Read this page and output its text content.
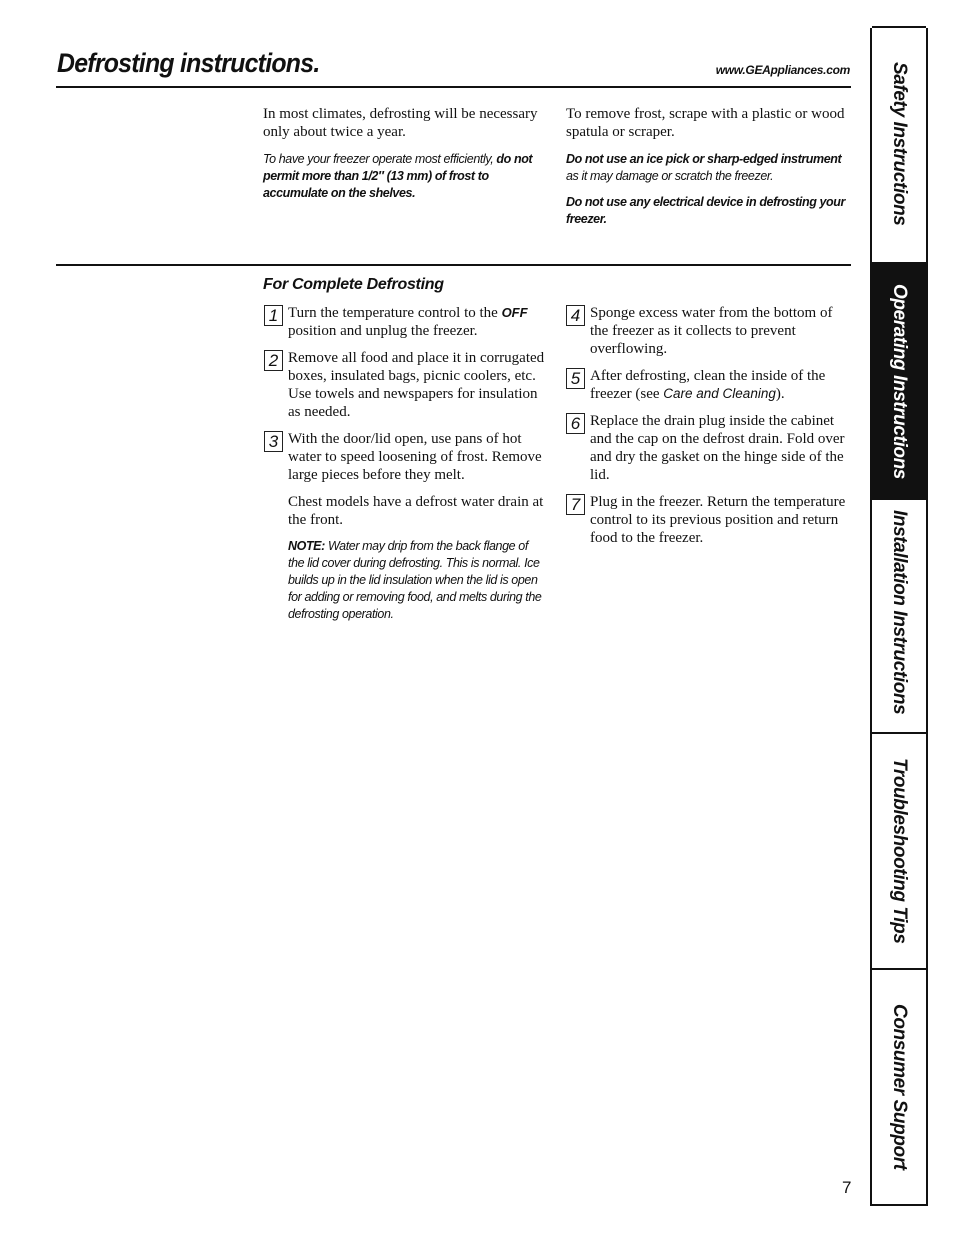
Defrosting instructions.	www.GEAppliances.com

In most climates, defrosting will be necessary only about twice a year.

To have your freezer operate most efficiently, do not permit more than 1/2″ (13 mm) of frost to accumulate on the shelves.

To remove frost, scrape with a plastic or wood spatula or scraper.

Do not use an ice pick or sharp-edged instrument as it may damage or scratch the freezer.

Do not use any electrical device in defrosting your freezer.

For Complete Defrosting
1 Turn the temperature control to the OFF position and unplug the freezer.
2 Remove all food and place it in corrugated boxes, insulated bags, picnic coolers, etc. Use towels and newspapers for insulation as needed.
3 With the door/lid open, use pans of hot water to speed loosening of frost. Remove large pieces before they melt.

Chest models have a defrost water drain at the front.

NOTE: Water may drip from the back flange of the lid cover during defrosting. This is normal. Ice builds up in the lid insulation when the lid is open for adding or removing food, and melts during the defrosting operation.

4 Sponge excess water from the bottom of the freezer as it collects to prevent overflowing.
5 After defrosting, clean the inside of the freezer (see Care and Cleaning).
6 Replace the drain plug inside the cabinet and the cap on the defrost drain. Fold over and dry the gasket on the hinge side of the lid.
7 Plug in the freezer. Return the temperature control to its previous position and return food to the freezer.
Safety Instructions
Operating Instructions
Installation Instructions
Troubleshooting Tips
Consumer Support
7
